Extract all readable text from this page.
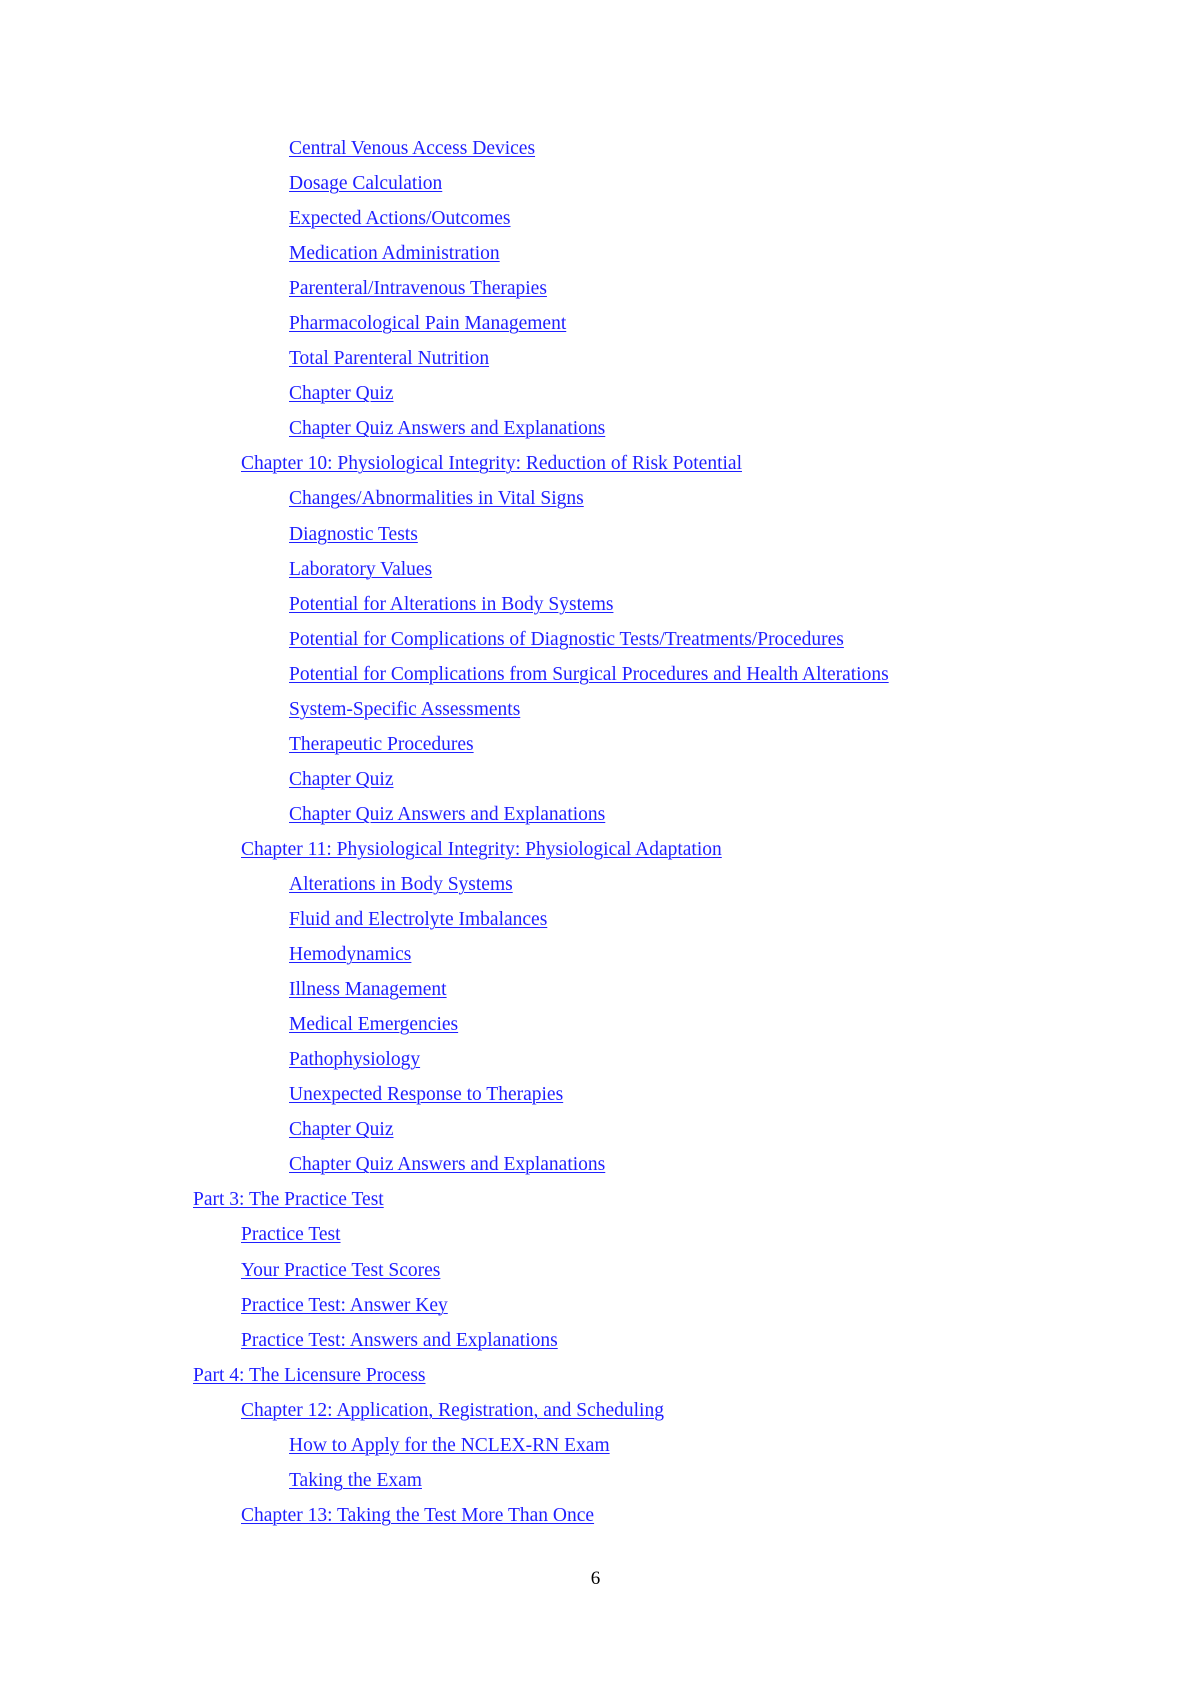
Central Venous Access Devices
Dosage Calculation
Expected Actions/Outcomes
Medication Administration
Parenteral/Intravenous Therapies
Pharmacological Pain Management
Total Parenteral Nutrition
Chapter Quiz
Chapter Quiz Answers and Explanations
Chapter 10: Physiological Integrity: Reduction of Risk Potential
Changes/Abnormalities in Vital Signs
Diagnostic Tests
Laboratory Values
Potential for Alterations in Body Systems
Potential for Complications of Diagnostic Tests/Treatments/Procedures
Potential for Complications from Surgical Procedures and Health Alterations
System-Specific Assessments
Therapeutic Procedures
Chapter Quiz
Chapter Quiz Answers and Explanations
Chapter 11: Physiological Integrity: Physiological Adaptation
Alterations in Body Systems
Fluid and Electrolyte Imbalances
Hemodynamics
Illness Management
Medical Emergencies
Pathophysiology
Unexpected Response to Therapies
Chapter Quiz
Chapter Quiz Answers and Explanations
Part 3: The Practice Test
Practice Test
Your Practice Test Scores
Practice Test: Answer Key
Practice Test: Answers and Explanations
Part 4: The Licensure Process
Chapter 12: Application, Registration, and Scheduling
How to Apply for the NCLEX-RN Exam
Taking the Exam
Chapter 13: Taking the Test More Than Once
6
